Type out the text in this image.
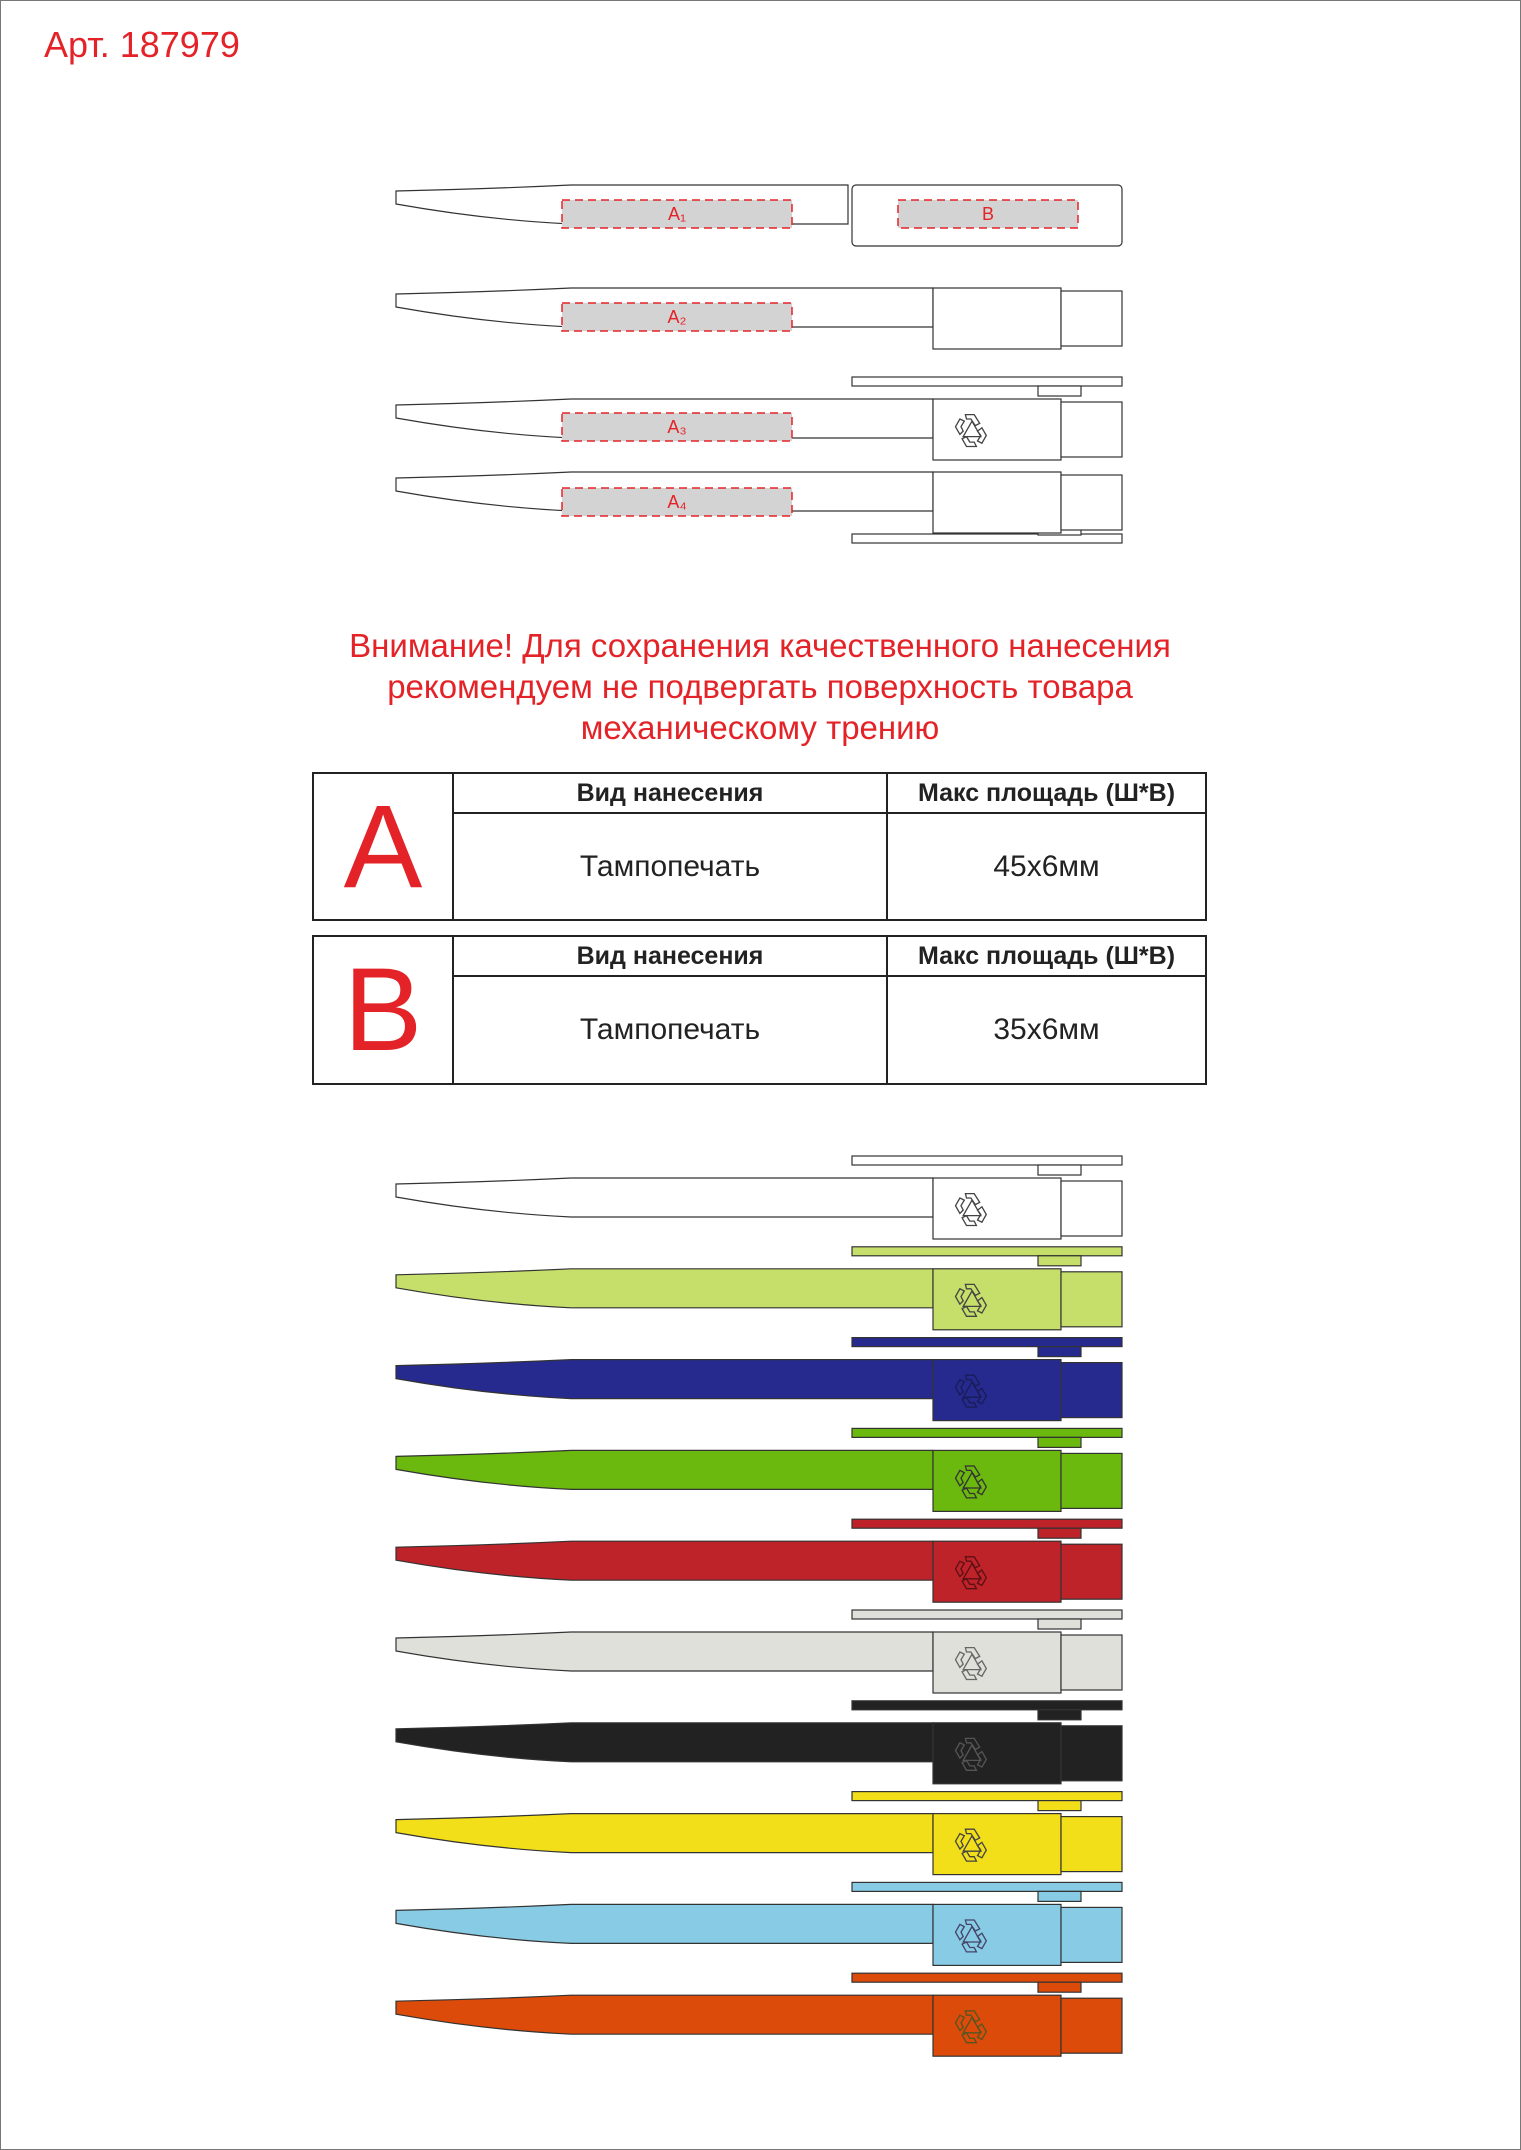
Арт. 187979
A₁	B
A₂
A₃
A₄
Внимание! Для сохранения качественного нанесения
рекомендуем не подвергать поверхность товара
механическому трению
A	Вид нанесения	Макс площадь (Ш*В)
Тампопечать	45x6мм
B	Вид нанесения	Макс площадь (Ш*В)
Тампопечать	35x6мм
